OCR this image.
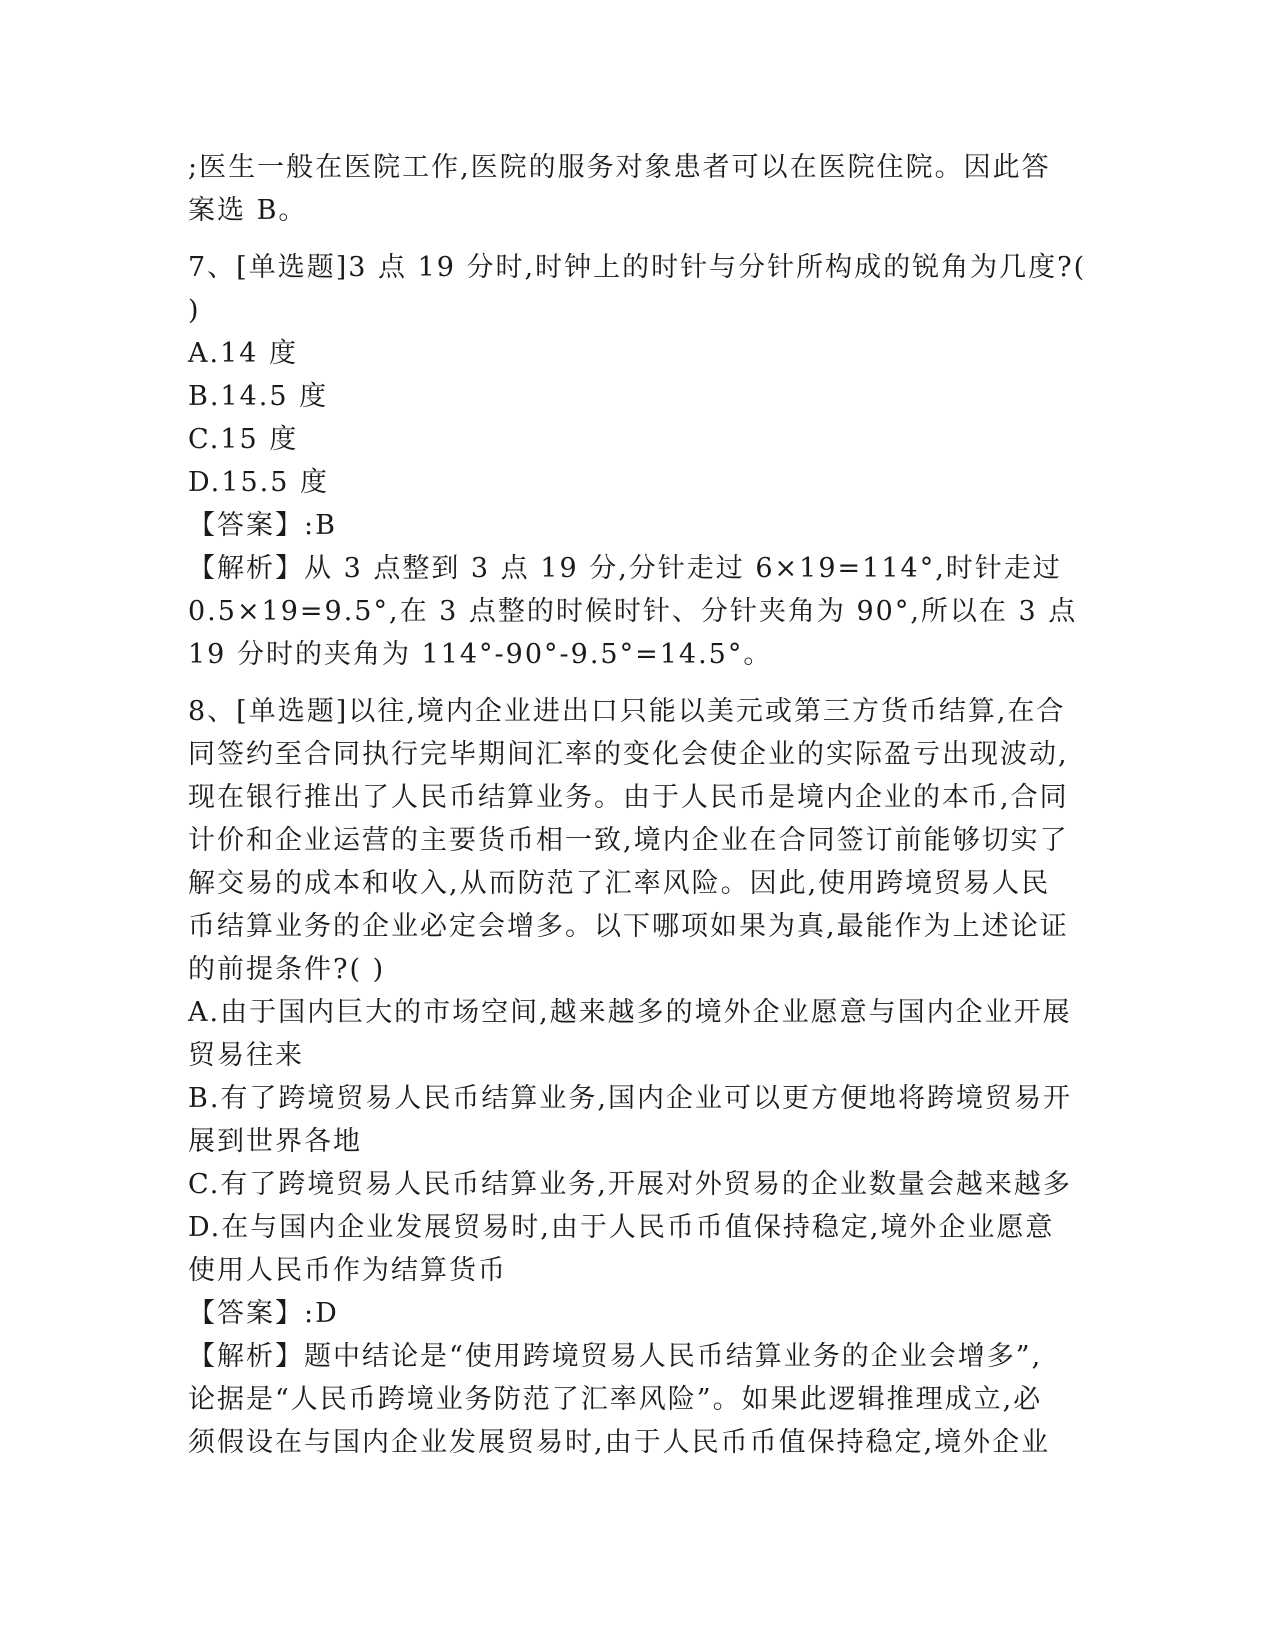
;医生一般在医院工作,医院的服务对象患者可以在医院住院。因此答
案选 B。
7、[单选题]3 点 19 分时,时钟上的时针与分针所构成的锐角为几度?(
)
A.14 度
B.14.5 度
C.15 度
D.15.5 度
【答案】:B
【解析】从 3 点整到 3 点 19 分,分针走过 6×19=114°,时针走过
0.5×19=9.5°,在 3 点整的时候时针、分针夹角为 90°,所以在 3 点
19 分时的夹角为 114°-90°-9.5°=14.5°。
8、[单选题]以往,境内企业进出口只能以美元或第三方货币结算,在合
同签约至合同执行完毕期间汇率的变化会使企业的实际盈亏出现波动,
现在银行推出了人民币结算业务。由于人民币是境内企业的本币,合同
计价和企业运营的主要货币相一致,境内企业在合同签订前能够切实了
解交易的成本和收入,从而防范了汇率风险。因此,使用跨境贸易人民
币结算业务的企业必定会增多。以下哪项如果为真,最能作为上述论证
的前提条件?( )
A.由于国内巨大的市场空间,越来越多的境外企业愿意与国内企业开展
贸易往来
B.有了跨境贸易人民币结算业务,国内企业可以更方便地将跨境贸易开
展到世界各地
C.有了跨境贸易人民币结算业务,开展对外贸易的企业数量会越来越多
D.在与国内企业发展贸易时,由于人民币币值保持稳定,境外企业愿意
使用人民币作为结算货币
【答案】:D
【解析】题中结论是“使用跨境贸易人民币结算业务的企业会增多”,
论据是“人民币跨境业务防范了汇率风险”。如果此逻辑推理成立,必
须假设在与国内企业发展贸易时,由于人民币币值保持稳定,境外企业
